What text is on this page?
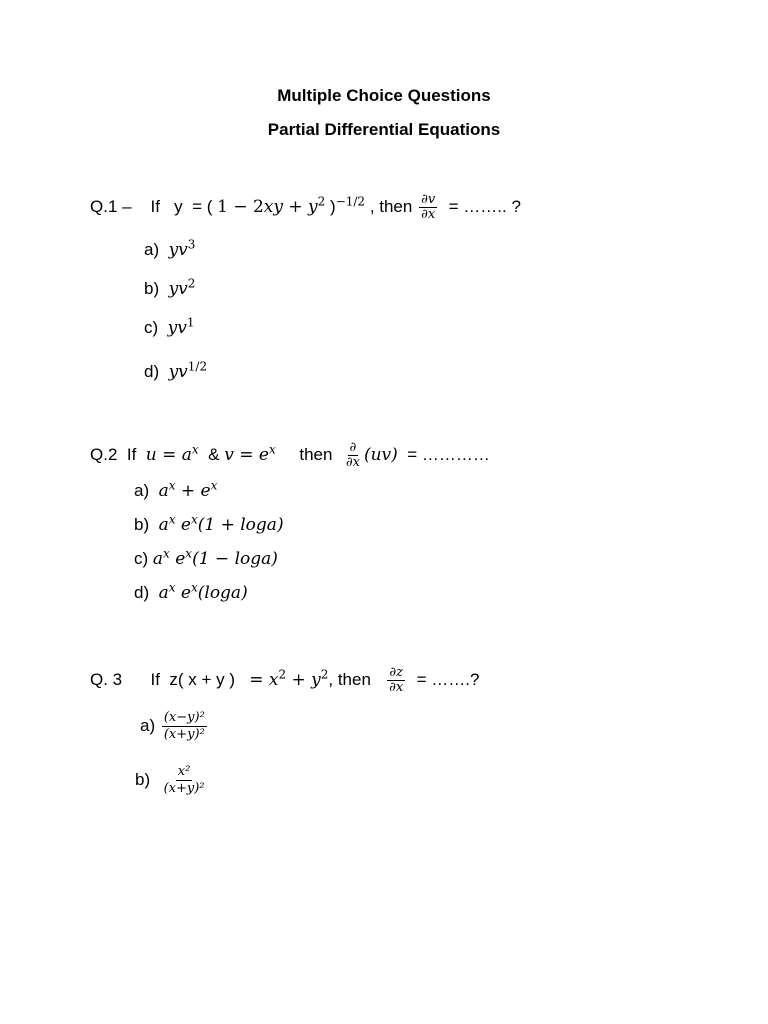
Multiple Choice Questions
Partial Differential Equations
Q.1 – If y = ( 1 − 2𝑥𝑦 + 𝑦$^2$ )$^{-1/2}$ , then $\frac{\text{∂𝑣}}{\text{∂𝑥}}$ = …….. ?
a) 𝑦𝑣$^3$
b) 𝑦𝑣$^2$
c) 𝑦𝑣$^1$
d) 𝑦𝑣$^{1/2}$
Q.2 If 𝑢 = 𝑎$^𝑥$ & 𝑣 = 𝑒$^𝑥$ then $\frac{\partial}{\text{∂𝑥}}$ (𝑢𝑣) = …………
a) 𝑎$^𝑥$ + 𝑒$^𝑥$
b) 𝑎$^𝑥$ 𝑒$^𝑥$(1 + 𝑙𝑜𝑔𝑎)
c) 𝑎$^𝑥$ 𝑒$^𝑥$(1 − 𝑙𝑜𝑔𝑎)
d) 𝑎$^𝑥$ 𝑒$^𝑥$(𝑙𝑜𝑔𝑎)
Q. 3 If z( x + y ) = 𝑥$^2$ + 𝑦$^2$, then $\frac{\partial z}{\text{∂𝑥}}$ = …….?
$a) \frac{\text{(𝑥−𝑦)²}}{\text{(𝑥+𝑦)²}}$
$b) \frac{\text{𝑥²}}{\text{(𝑥+𝑦)²}}$
